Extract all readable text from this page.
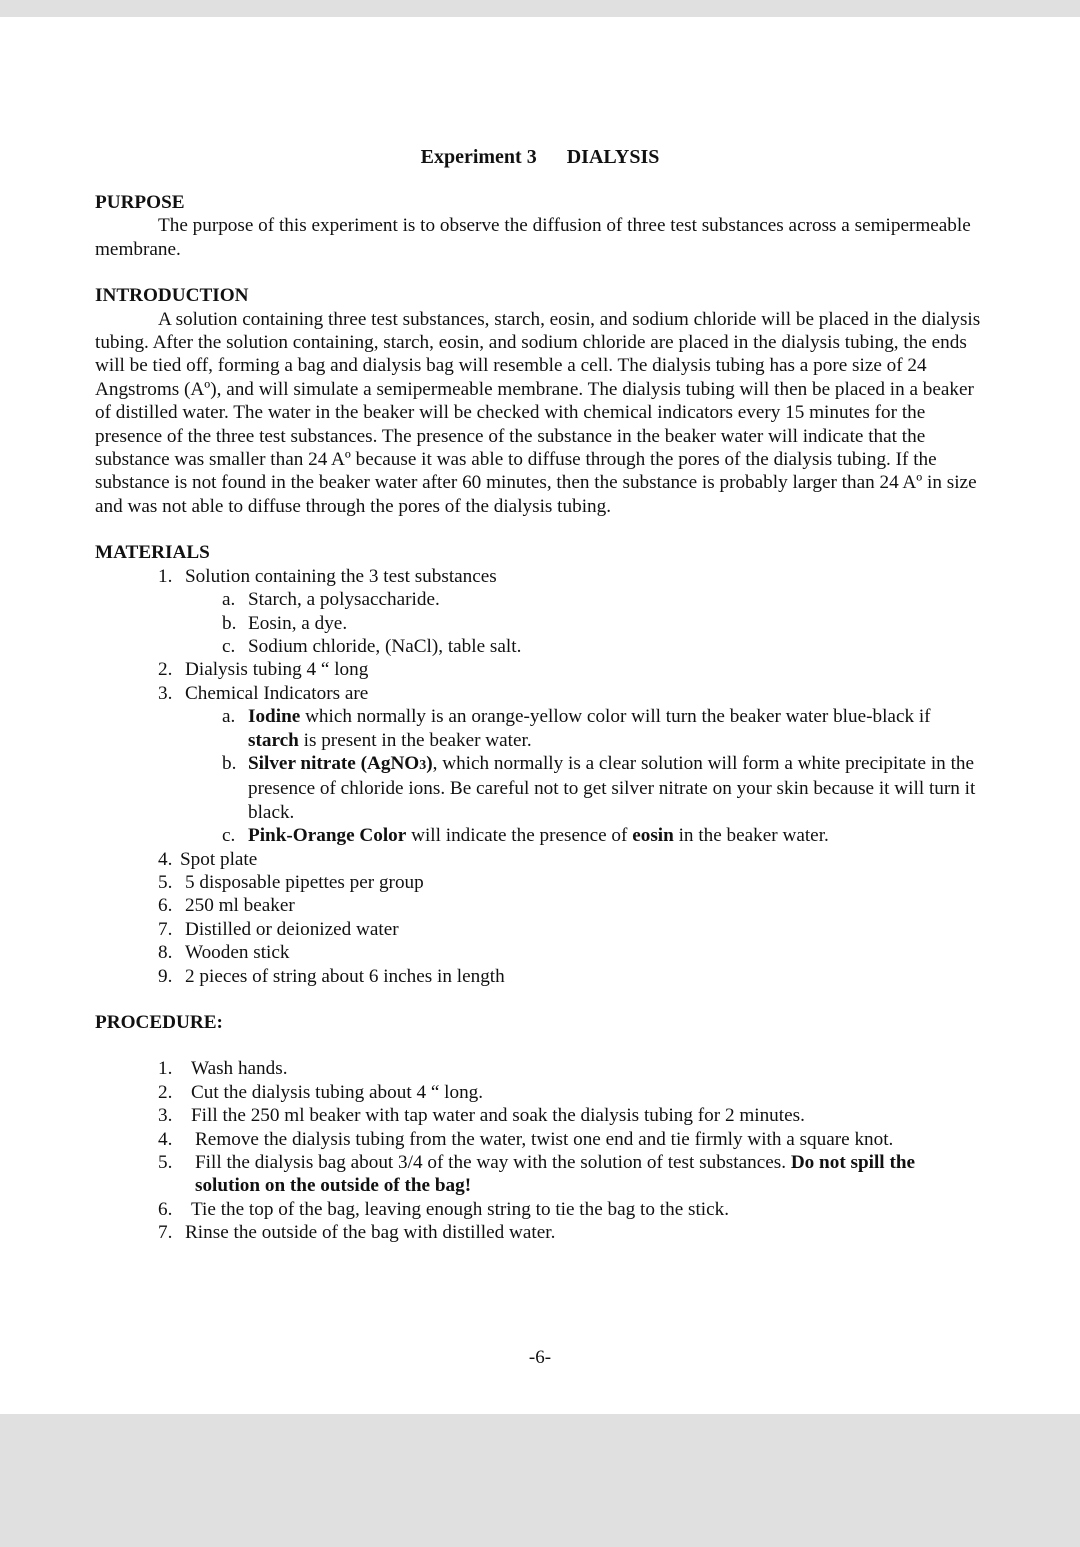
Experiment 3 DIALYSIS
PURPOSE
The purpose of this experiment is to observe the diffusion of three test substances across a semipermeable membrane.
INTRODUCTION
A solution containing three test substances, starch, eosin, and sodium chloride will be placed in the dialysis tubing. After the solution containing, starch, eosin, and sodium chloride are placed in the dialysis tubing, the ends will be tied off, forming a bag and dialysis bag will resemble a cell. The dialysis tubing has a pore size of 24 Angstroms (Aº), and will simulate a semipermeable membrane. The dialysis tubing will then be placed in a beaker of distilled water. The water in the beaker will be checked with chemical indicators every 15 minutes for the presence of the three test substances. The presence of the substance in the beaker water will indicate that the substance was smaller than 24 Aº because it was able to diffuse through the pores of the dialysis tubing. If the substance is not found in the beaker water after 60 minutes, then the substance is probably larger than 24 Aº in size and was not able to diffuse through the pores of the dialysis tubing.
MATERIALS
1. Solution containing the 3 test substances
a. Starch, a polysaccharide.
b. Eosin, a dye.
c. Sodium chloride, (NaCl), table salt.
2. Dialysis tubing 4 “ long
3. Chemical Indicators are
a. Iodine which normally is an orange-yellow color will turn the beaker water blue-black if starch is present in the beaker water.
b. Silver nitrate (AgNO3), which normally is a clear solution will form a white precipitate in the presence of chloride ions. Be careful not to get silver nitrate on your skin because it will turn it black.
c. Pink-Orange Color will indicate the presence of eosin in the beaker water.
4. Spot plate
5. 5 disposable pipettes per group
6. 250 ml beaker
7. Distilled or deionized water
8. Wooden stick
9. 2 pieces of string about 6 inches in length
PROCEDURE:
1. Wash hands.
2. Cut the dialysis tubing about 4 “ long.
3. Fill the 250 ml beaker with tap water and soak the dialysis tubing for 2 minutes.
4. Remove the dialysis tubing from the water, twist one end and tie firmly with a square knot.
5. Fill the dialysis bag about 3/4 of the way with the solution of test substances. Do not spill the solution on the outside of the bag!
6. Tie the top of the bag, leaving enough string to tie the bag to the stick.
7. Rinse the outside of the bag with distilled water.
-6-
